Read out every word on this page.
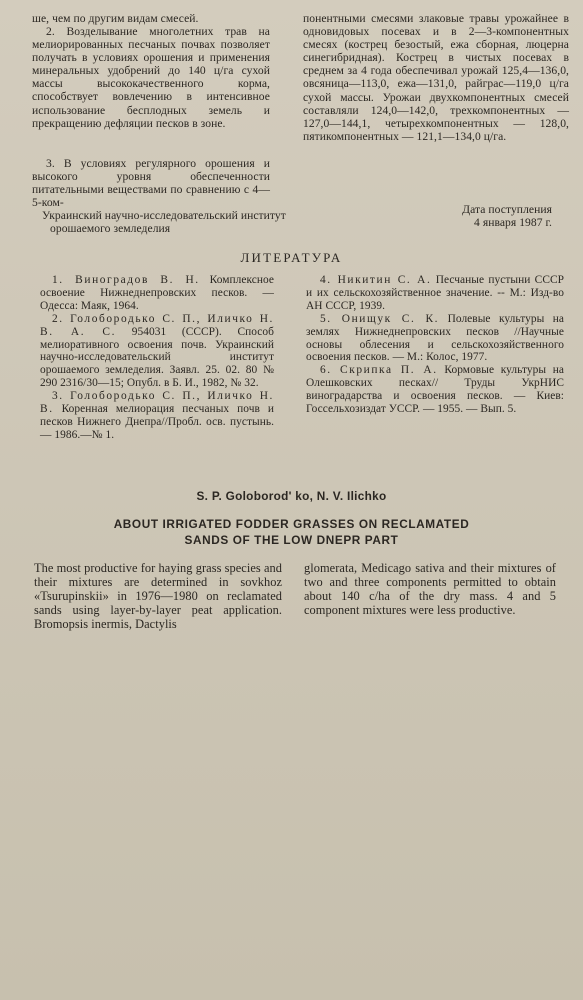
ше, чем по другим видам смесей.

2. Возделывание многолетних трав на мелиорированных песчаных почвах позволяет получать в условиях орошения и применения минеральных удобрений до 140 ц/га сухой массы высококачественного корма, способствует вовлечению в интенсивное использование бесплодных земель и прекращению дефляции песков в зоне.

3. В условиях регулярного орошения и высокого уровня обеспеченности питательными веществами по сравнению с 4—5-ком-

понентными смесями злаковые травы урожайнее в одновидовых посевах и в 2—3-компонентных смесях (кострец безостый, ежа сборная, люцерна синегибридная). Кострец в чистых посевах в среднем за 4 года обеспечивал урожай 125,4—136,0, овсяница—113,0, ежа—131,0, райграс—119,0 ц/га сухой массы. Урожаи двухкомпонентных смесей составляли 124,0—142,0, трехкомпонентных — 127,0—144,1, четырехкомпонентных — 128,0, пятикомпонентных — 121,1—134,0 ц/га.

Украинский научно-исследовательский институт орошаемого земледелия

Дата поступления

4 января 1987 г.

ЛИТЕРАТУРА

1. Виноградов В. Н. Комплексное освоение Нижнеднепровских песков. — Одесса: Маяк, 1964.

2. Голобородько С. П., Иличко Н. В. А. С. 954031 (СССР). Способ мелиоративного освоения почв. Украинский научно-исследовательский институт орошаемого земледелия. Заявл. 25. 02. 80 № 290 2316/30—15; Опубл. в Б. И., 1982, № 32.

3. Голобородько С. П., Иличко Н. В. Коренная мелиорация песчаных почв и песков Нижнего Днепра//Пробл. осв. пустынь. — 1986.—№ 1.

4. Никитин С. А. Песчаные пустыни СССР и их сельскохозяйственное значение. -- М.: Изд-во АН СССР, 1939.

5. Онищук С. К. Полевые культуры на землях Нижнеднепровских песков //Научные основы облесения и сельскохозяйственного освоения песков. — М.: Колос, 1977.

6. Скрипка П. А. Кормовые культуры на Олешковских песках// Труды УкрНИС виноградарства и освоения песков. — Киев: Госсельхозиздат УССР. — 1955. — Вып. 5.

S. P. Goloborod' ko, N. V. Ilichko

ABOUT IRRIGATED FODDER GRASSES ON RECLAMATED

SANDS OF THE LOW DNEPR PART

The most productive for haying grass species and their mixtures are determined in sovkhoz «Tsurupinskii» in 1976—1980 on reclamated sands using layer-by-layer peat application. Bromopsis inermis, Dactylis

glomerata, Medicago sativa and their mixtures of two and three components permitted to obtain about 140 c/ha of the dry mass. 4 and 5 component mixtures were less productive.
